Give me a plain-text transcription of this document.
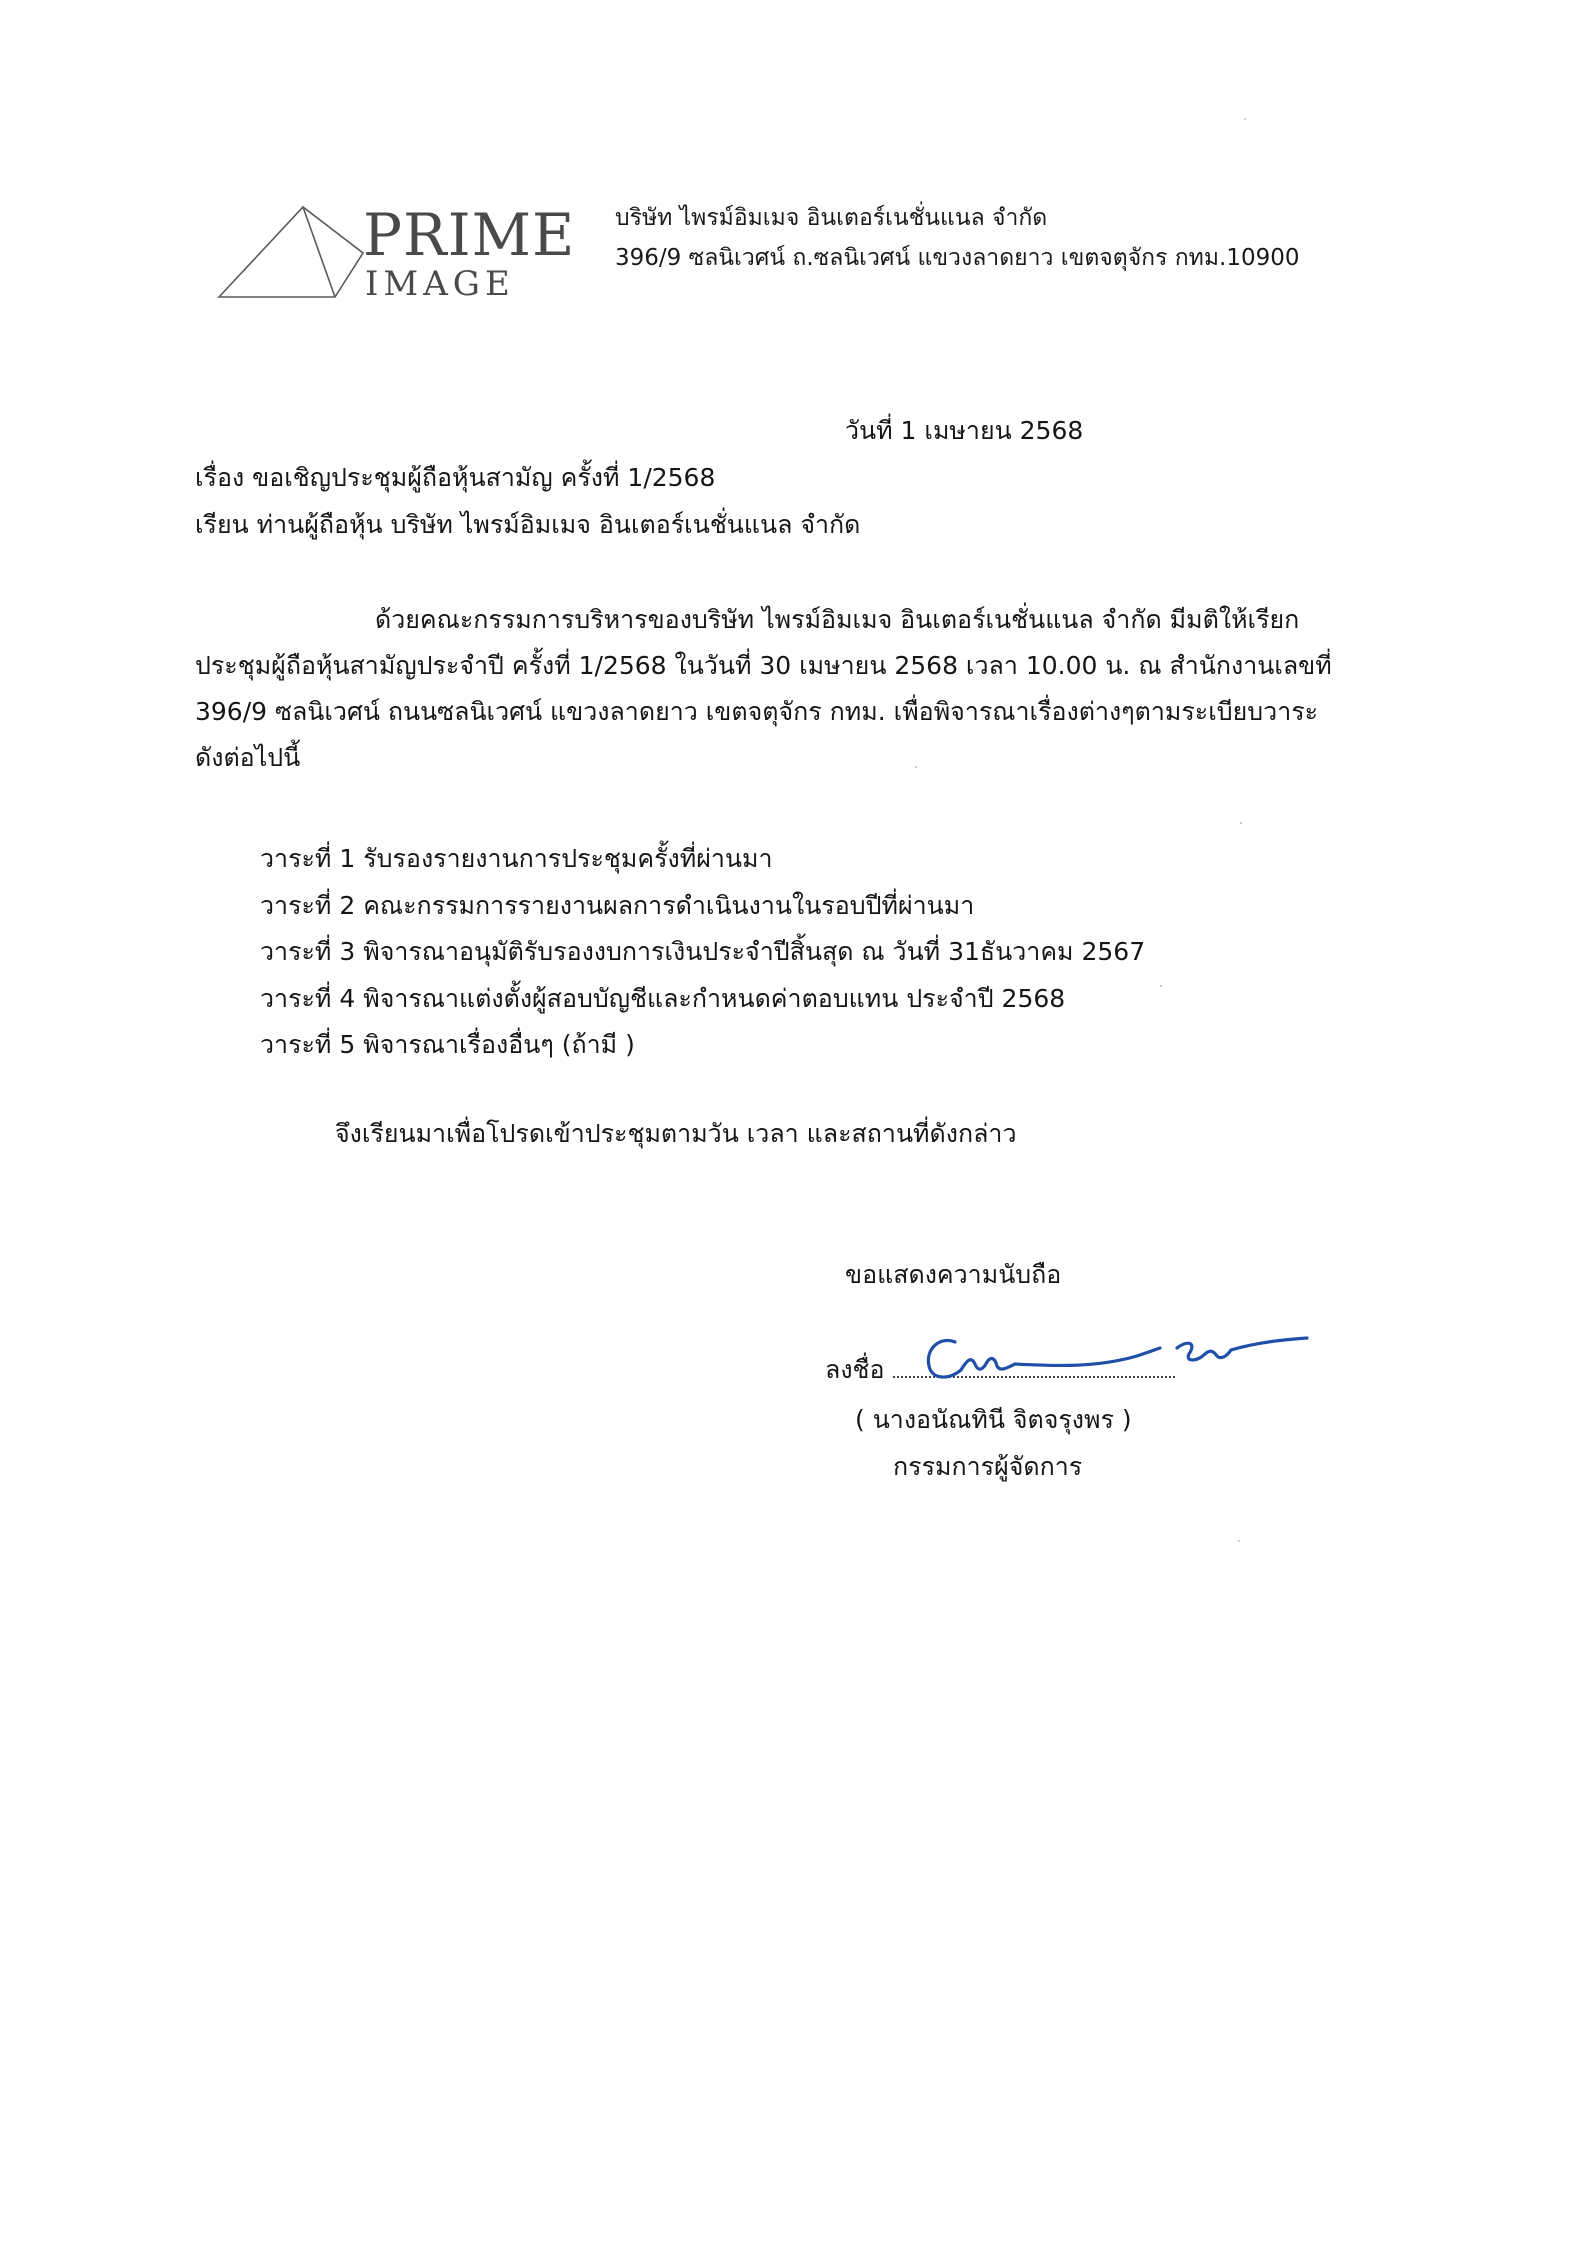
PRIME
IMAGE
บริษัท ไพรม์อิมเมจ อินเตอร์เนชั่นแนล จำกัด
396/9 ซลนิเวศน์ ถ.ซลนิเวศน์ แขวงลาดยาว เขตจตุจักร กทม.10900
วันที่ 1 เมษายน 2568
เรื่อง ขอเชิญประชุมผู้ถือหุ้นสามัญ ครั้งที่ 1/2568
เรียน ท่านผู้ถือหุ้น บริษัท ไพรม์อิมเมจ อินเตอร์เนชั่นแนล จำกัด
ด้วยคณะกรรมการบริหารของบริษัท ไพรม์อิมเมจ อินเตอร์เนชั่นแนล จำกัด มีมติให้เรียก
ประชุมผู้ถือหุ้นสามัญประจำปี ครั้งที่ 1/2568 ในวันที่ 30 เมษายน 2568 เวลา 10.00 น. ณ สำนักงานเลขที่
396/9 ซลนิเวศน์ ถนนซลนิเวศน์ แขวงลาดยาว เขตจตุจักร กทม. เพื่อพิจารณาเรื่องต่างๆตามระเบียบวาระ
ดังต่อไปนี้
วาระที่ 1 รับรองรายงานการประชุมครั้งที่ผ่านมา
วาระที่ 2 คณะกรรมการรายงานผลการดำเนินงานในรอบปีที่ผ่านมา
วาระที่ 3 พิจารณาอนุมัติรับรองงบการเงินประจำปีสิ้นสุด ณ วันที่ 31ธันวาคม 2567
วาระที่ 4 พิจารณาแต่งตั้งผู้สอบบัญชีและกำหนดค่าตอบแทน ประจำปี 2568
วาระที่ 5 พิจารณาเรื่องอื่นๆ (ถ้ามี )
จึงเรียนมาเพื่อโปรดเข้าประชุมตามวัน เวลา และสถานที่ดังกล่าว
ขอแสดงความนับถือ
ลงชื่อ
( นางอนัณทินี จิตจรุงพร )
กรรมการผู้จัดการ
